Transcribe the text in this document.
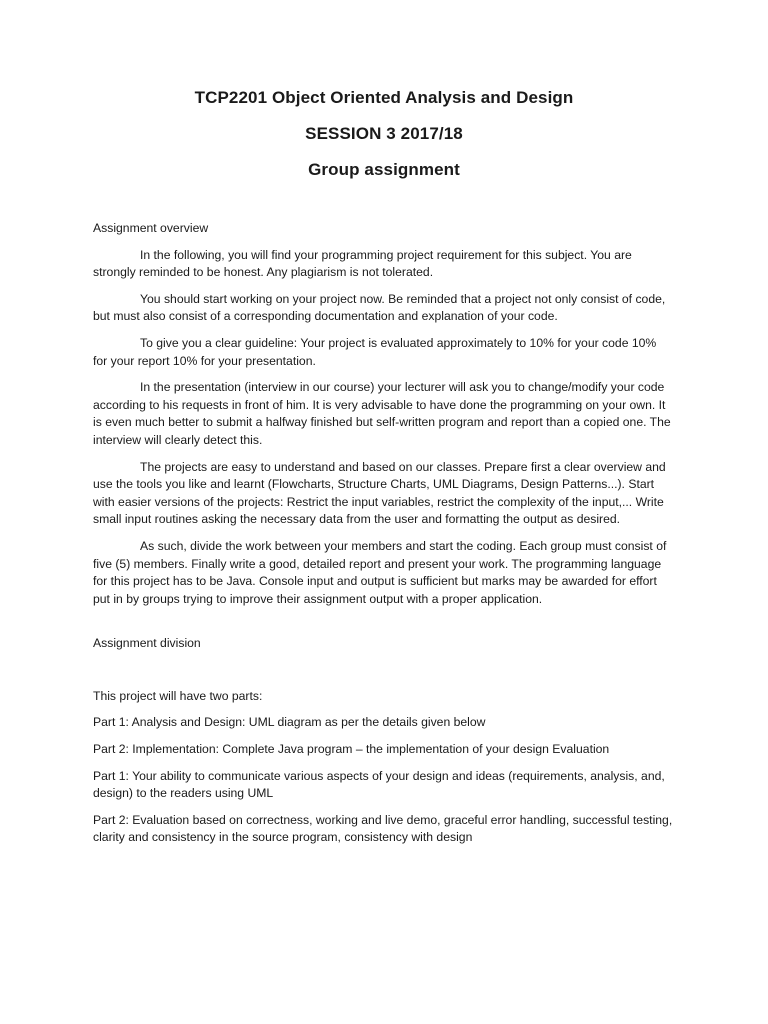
TCP2201 Object Oriented Analysis and Design
SESSION 3 2017/18
Group assignment
Assignment overview
In the following, you will find your programming project requirement for this subject. You are strongly reminded to be honest. Any plagiarism is not tolerated.
You should start working on your project now. Be reminded that a project not only consist of code, but must also consist of a corresponding documentation and explanation of your code.
To give you a clear guideline: Your project is evaluated approximately to 10% for your code 10% for your report 10% for your presentation.
In the presentation (interview in our course) your lecturer will ask you to change/modify your code according to his requests in front of him. It is very advisable to have done the programming on your own. It is even much better to submit a halfway finished but self-written program and report than a copied one. The interview will clearly detect this.
The projects are easy to understand and based on our classes. Prepare first a clear overview and use the tools you like and learnt (Flowcharts, Structure Charts, UML Diagrams, Design Patterns...). Start with easier versions of the projects: Restrict the input variables, restrict the complexity of the input,... Write small input routines asking the necessary data from the user and formatting the output as desired.
As such, divide the work between your members and start the coding. Each group must consist of five (5) members. Finally write a good, detailed report and present your work. The programming language for this project has to be Java. Console input and output is sufficient but marks may be awarded for effort put in by groups trying to improve their assignment output with a proper application.
Assignment division
This project will have two parts:
Part 1: Analysis and Design: UML diagram as per the details given below
Part 2: Implementation: Complete Java program – the implementation of your design Evaluation
Part 1: Your ability to communicate various aspects of your design and ideas (requirements, analysis, and, design) to the readers using UML
Part 2: Evaluation based on correctness, working and live demo, graceful error handling, successful testing, clarity and consistency in the source program, consistency with design
